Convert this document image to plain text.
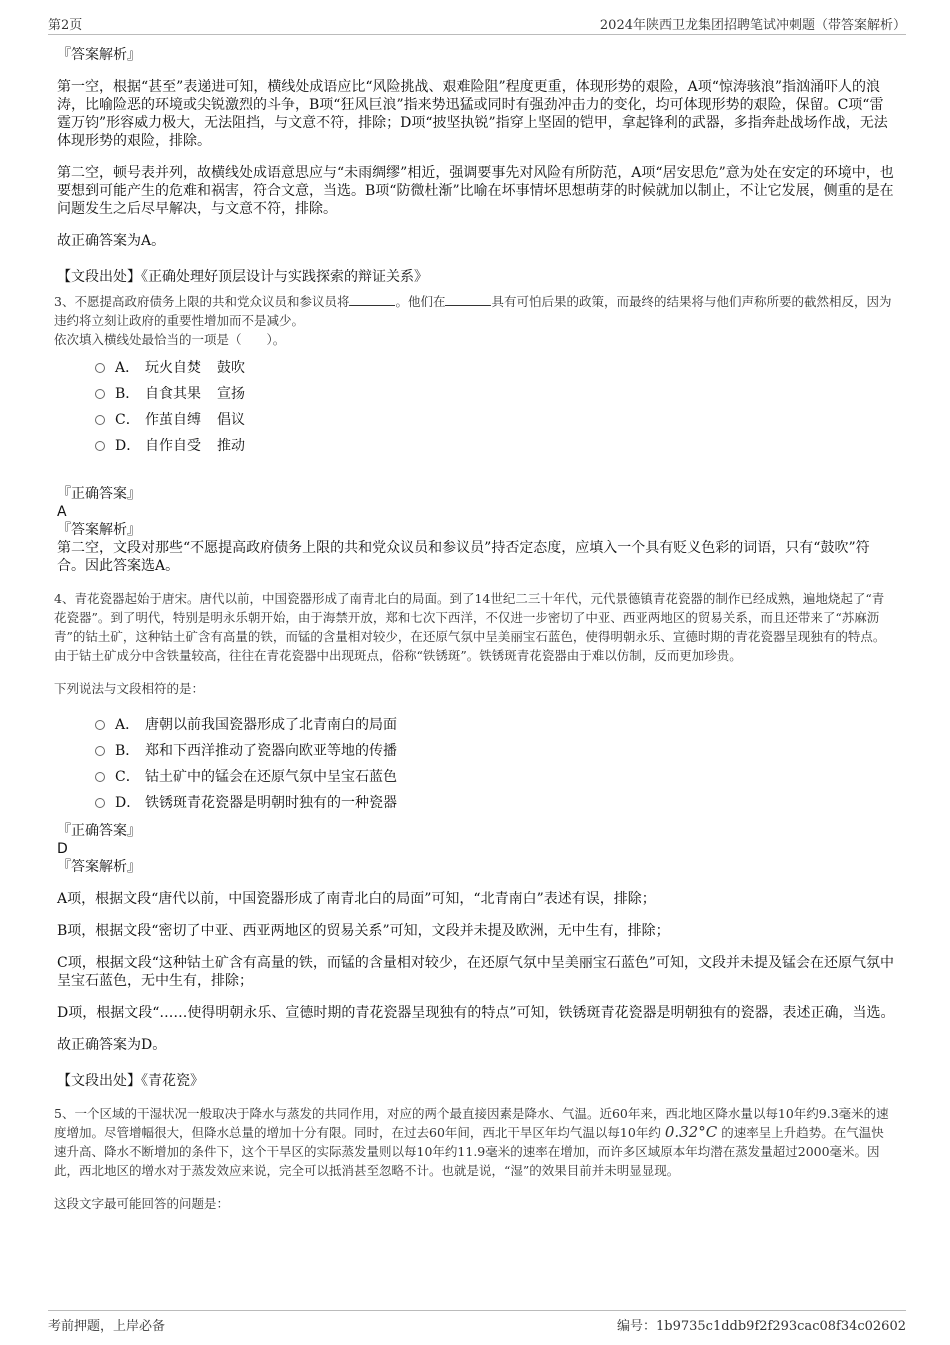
第2页	2024年陕西卫龙集团招聘笔试冲刺题（带答案解析）

『答案解析』

第一空，根据“甚至”表递进可知，横线处成语应比“风险挑战、艰难险阻”程度更重，体现形势的艰险，A项“惊涛骇浪”指汹涌吓人的浪涛，比喻险恶的环境或尖锐激烈的斗争，B项“狂风巨浪”指来势迅猛或同时有强劲冲击力的变化，均可体现形势的艰险，保留。C项“雷霆万钧”形容威力极大，无法阻挡，与文意不符，排除；D项“披坚执锐”指穿上坚固的铠甲，拿起锋利的武器，多指奔赴战场作战，无法体现形势的艰险，排除。

第二空，顿号表并列，故横线处成语意思应与“未雨绸缪”相近，强调要事先对风险有所防范，A项“居安思危”意为处在安定的环境中，也要想到可能产生的危难和祸害，符合文意，当选。B项“防微杜渐”比喻在坏事情坏思想萌芽的时候就加以制止，不让它发展，侧重的是在问题发生之后尽早解决，与文意不符，排除。

故正确答案为A。

【文段出处】《正确处理好顶层设计与实践探索的辩证关系》

3、不愿提高政府债务上限的共和党众议员和参议员将	。他们在	具有可怕后果的政策，而最终的结果将与他们声称所要的截然相反，因为违约将立刻让政府的重要性增加而不是减少。

依次填入横线处最恰当的一项是（　　）。

A． 玩火自焚 鼓吹
B． 自食其果 宣扬
C． 作茧自缚 倡议
D． 自作自受 推动

『正确答案』

A

『答案解析』

第二空，文段对那些“不愿提高政府债务上限的共和党众议员和参议员”持否定态度，应填入一个具有贬义色彩的词语，只有“鼓吹”符合。因此答案选A。

4、青花瓷器起始于唐宋。唐代以前，中国瓷器形成了南青北白的局面。到了14世纪二三十年代，元代景德镇青花瓷器的制作已经成熟，遍地烧起了“青花瓷器”。到了明代，特别是明永乐朝开始，由于海禁开放，郑和七次下西洋，不仅进一步密切了中亚、西亚两地区的贸易关系，而且还带来了“苏麻沥青”的钴土矿，这种钴土矿含有高量的铁，而锰的含量相对较少，在还原气氛中呈美丽宝石蓝色，使得明朝永乐、宣德时期的青花瓷器呈现独有的特点。由于钴土矿成分中含铁量较高，往往在青花瓷器中出现斑点，俗称“铁锈斑”。铁锈斑青花瓷器由于难以仿制，反而更加珍贵。

下列说法与文段相符的是：

A． 唐朝以前我国瓷器形成了北青南白的局面
B． 郑和下西洋推动了瓷器向欧亚等地的传播
C． 钴土矿中的锰会在还原气氛中呈宝石蓝色
D． 铁锈斑青花瓷器是明朝时独有的一种瓷器

『正确答案』

D

『答案解析』

A项，根据文段“唐代以前，中国瓷器形成了南青北白的局面”可知，“北青南白”表述有误，排除；

B项，根据文段“密切了中亚、西亚两地区的贸易关系”可知，文段并未提及欧洲，无中生有，排除；

C项，根据文段“这种钴土矿含有高量的铁，而锰的含量相对较少，在还原气氛中呈美丽宝石蓝色”可知，文段并未提及锰会在还原气氛中呈宝石蓝色，无中生有，排除；

D项，根据文段“……使得明朝永乐、宣德时期的青花瓷器呈现独有的特点”可知，铁锈斑青花瓷器是明朝独有的瓷器，表述正确，当选。

故正确答案为D。

【文段出处】《青花瓷》

5、一个区域的干湿状况一般取决于降水与蒸发的共同作用，对应的两个最直接因素是降水、气温。近60年来，西北地区降水量以每10年约9.3毫米的速度增加。尽管增幅很大，但降水总量的增加十分有限。同时，在过去60年间，西北干旱区年均气温以每10年约 0.32°C 的速率呈上升趋势。在气温快速升高、降水不断增加的条件下，这个干旱区的实际蒸发量则以每10年约11.9毫米的速率在增加，而许多区域原本年均潜在蒸发量超过2000毫米。因此，西北地区的增水对于蒸发效应来说，完全可以抵消甚至忽略不计。也就是说，“湿”的效果目前并未明显显现。

这段文字最可能回答的问题是：

考前押题，上岸必备	编号：1b9735c1ddb9f2f293cac08f34c02602
